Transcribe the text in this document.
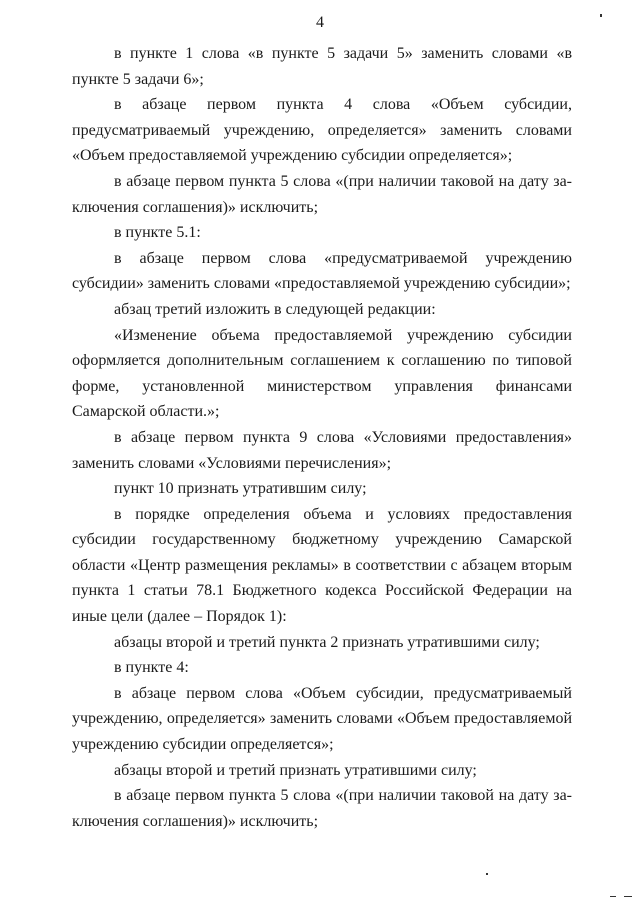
4

в пункте 1 слова «в пункте 5 задачи 5» заменить словами «в пункте 5 задачи 6»;

в абзаце первом пункта 4 слова «Объем субсидии, предусматриваемый учреждению, определяется» заменить словами «Объем предоставляемой учреждению субсидии определяется»;

в абзаце первом пункта 5 слова «(при наличии таковой на дату заключения соглашения)» исключить;

в пункте 5.1:

в абзаце первом слова «предусматриваемой учреждению субсидии» заменить словами «предоставляемой учреждению субсидии»;

абзац третий изложить в следующей редакции:

«Изменение объема предоставляемой учреждению субсидии оформляется дополнительным соглашением к соглашению по типовой форме, установленной министерством управления финансами Самарской области.»;

в абзаце первом пункта 9 слова «Условиями предоставления» заменить словами «Условиями перечисления»;

пункт 10 признать утратившим силу;

в порядке определения объема и условиях предоставления субсидии государственному бюджетному учреждению Самарской области «Центр размещения рекламы» в соответствии с абзацем вторым пункта 1 статьи 78.1 Бюджетного кодекса Российской Федерации на иные цели (далее – Порядок 1):

абзацы второй и третий пункта 2 признать утратившими силу;

в пункте 4:

в абзаце первом слова «Объем субсидии, предусматриваемый учреждению, определяется» заменить словами «Объем предоставляемой учреждению субсидии определяется»;

абзацы второй и третий признать утратившими силу;

в абзаце первом пункта 5 слова «(при наличии таковой на дату заключения соглашения)» исключить;
